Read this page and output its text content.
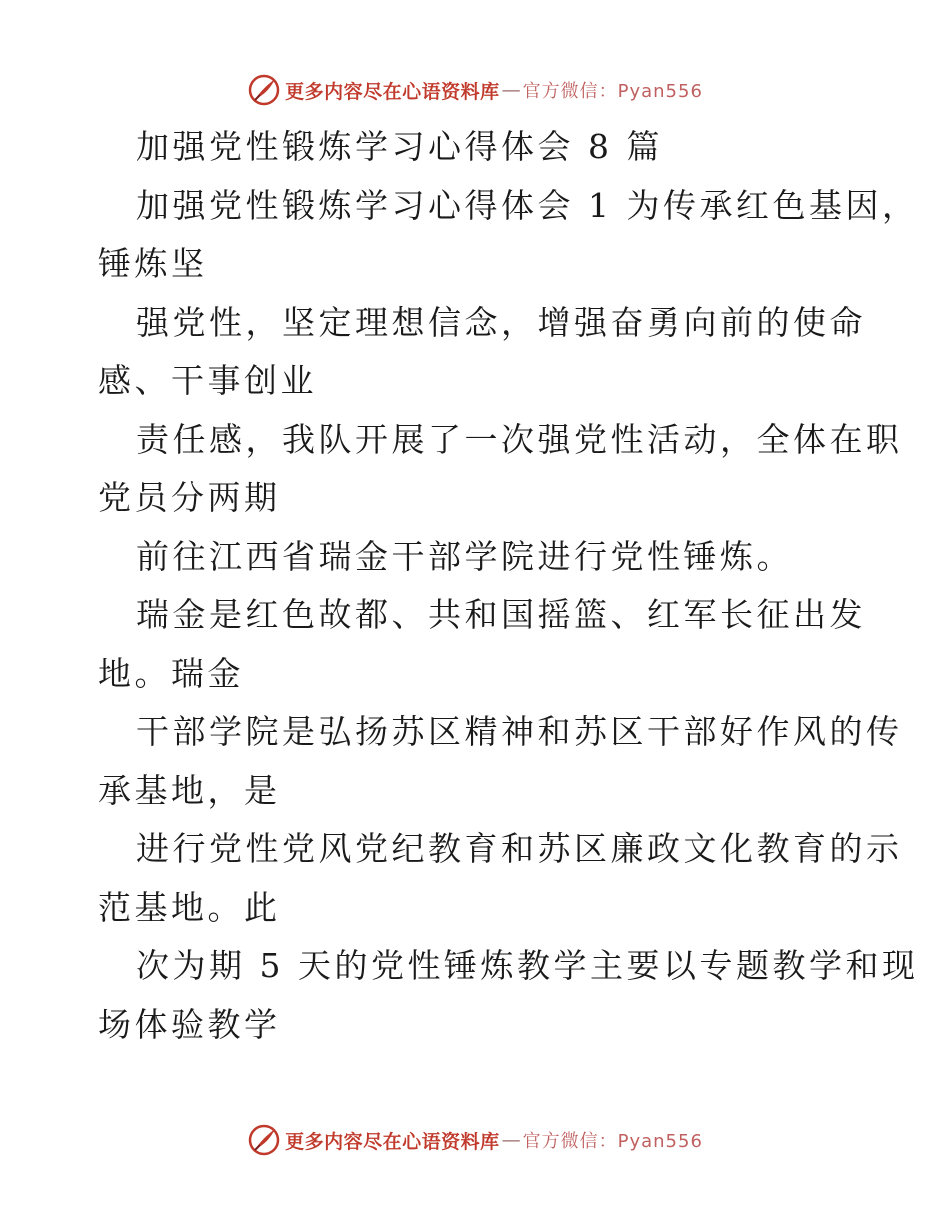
更多内容尽在心语资料库 — 官方微信：Pyan556
加强党性锻炼学习心得体会 8 篇
加强党性锻炼学习心得体会 1 为传承红色基因，
锤炼坚
强党性，坚定理想信念，增强奋勇向前的使命
感、干事创业
责任感，我队开展了一次强党性活动，全体在职
党员分两期
前往江西省瑞金干部学院进行党性锤炼。
瑞金是红色故都、共和国摇篮、红军长征出发
地。瑞金
干部学院是弘扬苏区精神和苏区干部好作风的传
承基地，是
进行党性党风党纪教育和苏区廉政文化教育的示
范基地。此
次为期 5 天的党性锤炼教学主要以专题教学和现
场体验教学
更多内容尽在心语资料库 — 官方微信：Pyan556
